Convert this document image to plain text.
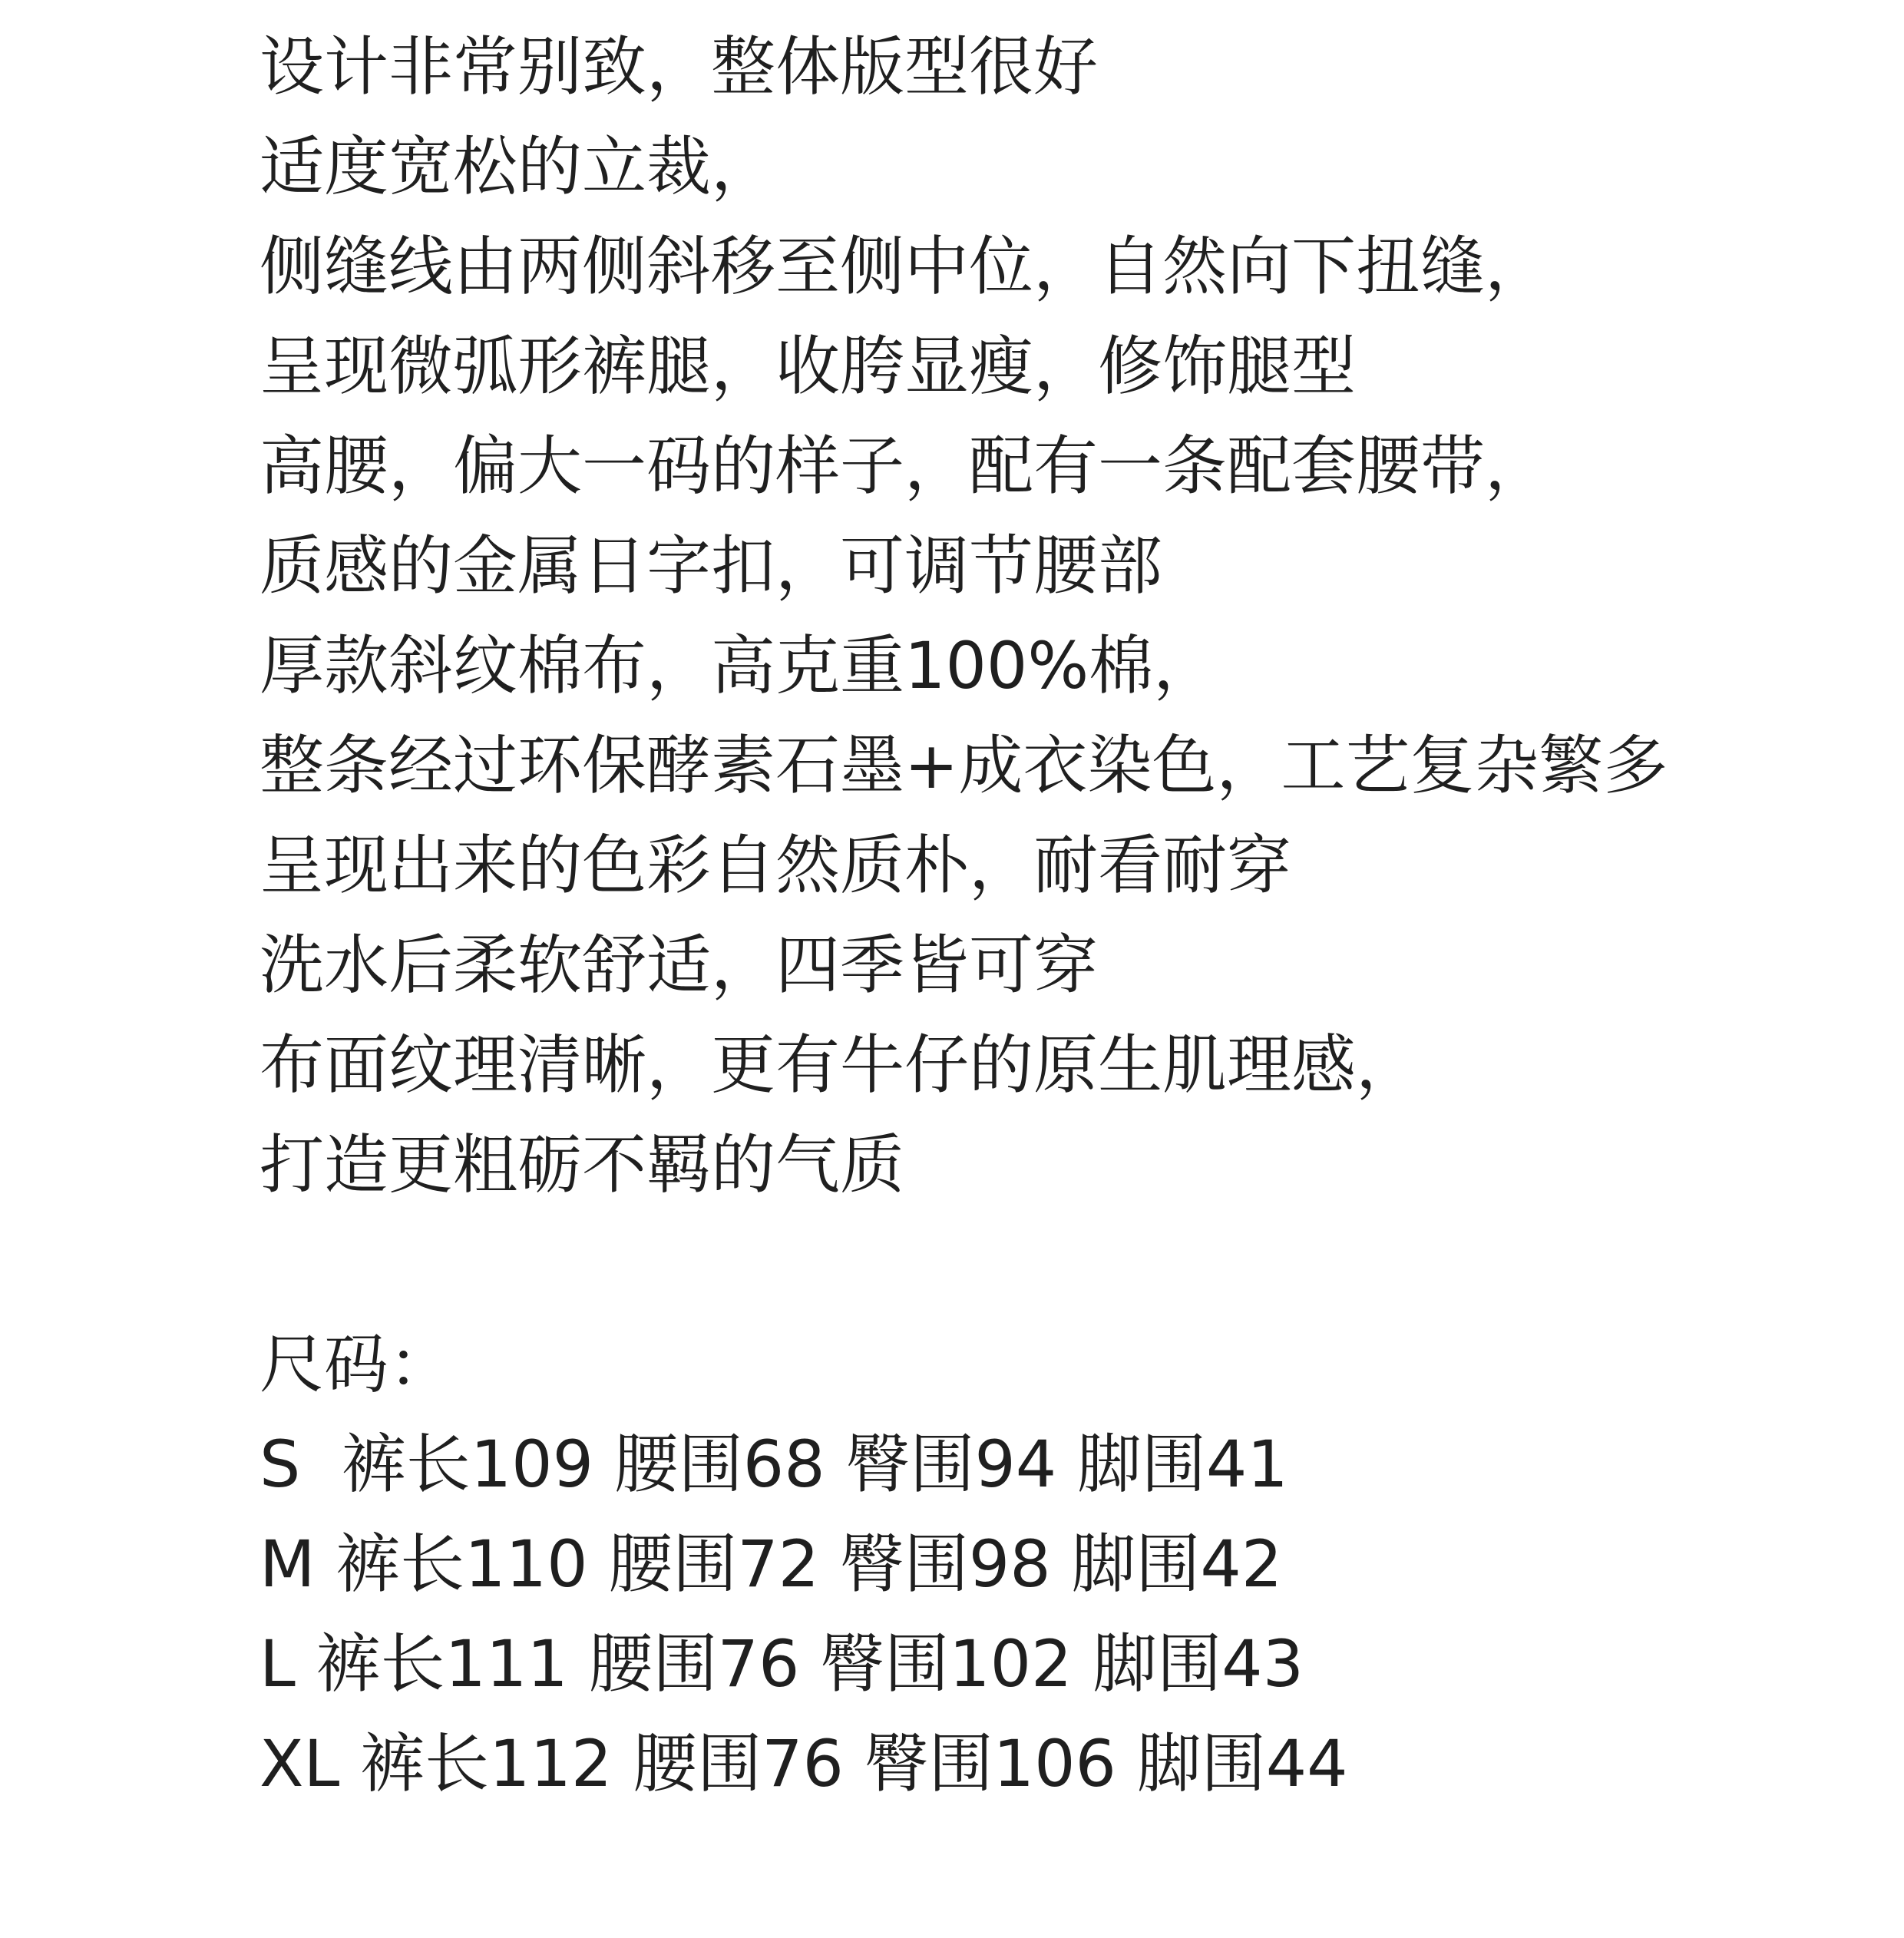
设计非常别致，整体版型很好
适度宽松的立裁，
侧缝线由两侧斜移至侧中位，自然向下扭缝，
呈现微弧形裤腿，收胯显瘦，修饰腿型
高腰，偏大一码的样子，配有一条配套腰带，
质感的金属日字扣，可调节腰部
厚款斜纹棉布，高克重100%棉，
整条经过环保酵素石墨+成衣染色，工艺复杂繁多
呈现出来的色彩自然质朴，耐看耐穿
洗水后柔软舒适，四季皆可穿
布面纹理清晰，更有牛仔的原生肌理感，
打造更粗砺不羁的气质
尺码：
S  裤长109 腰围68 臀围94 脚围41
M 裤长110 腰围72 臀围98 脚围42
L 裤长111 腰围76 臀围102 脚围43
XL 裤长112 腰围76 臀围106 脚围44
